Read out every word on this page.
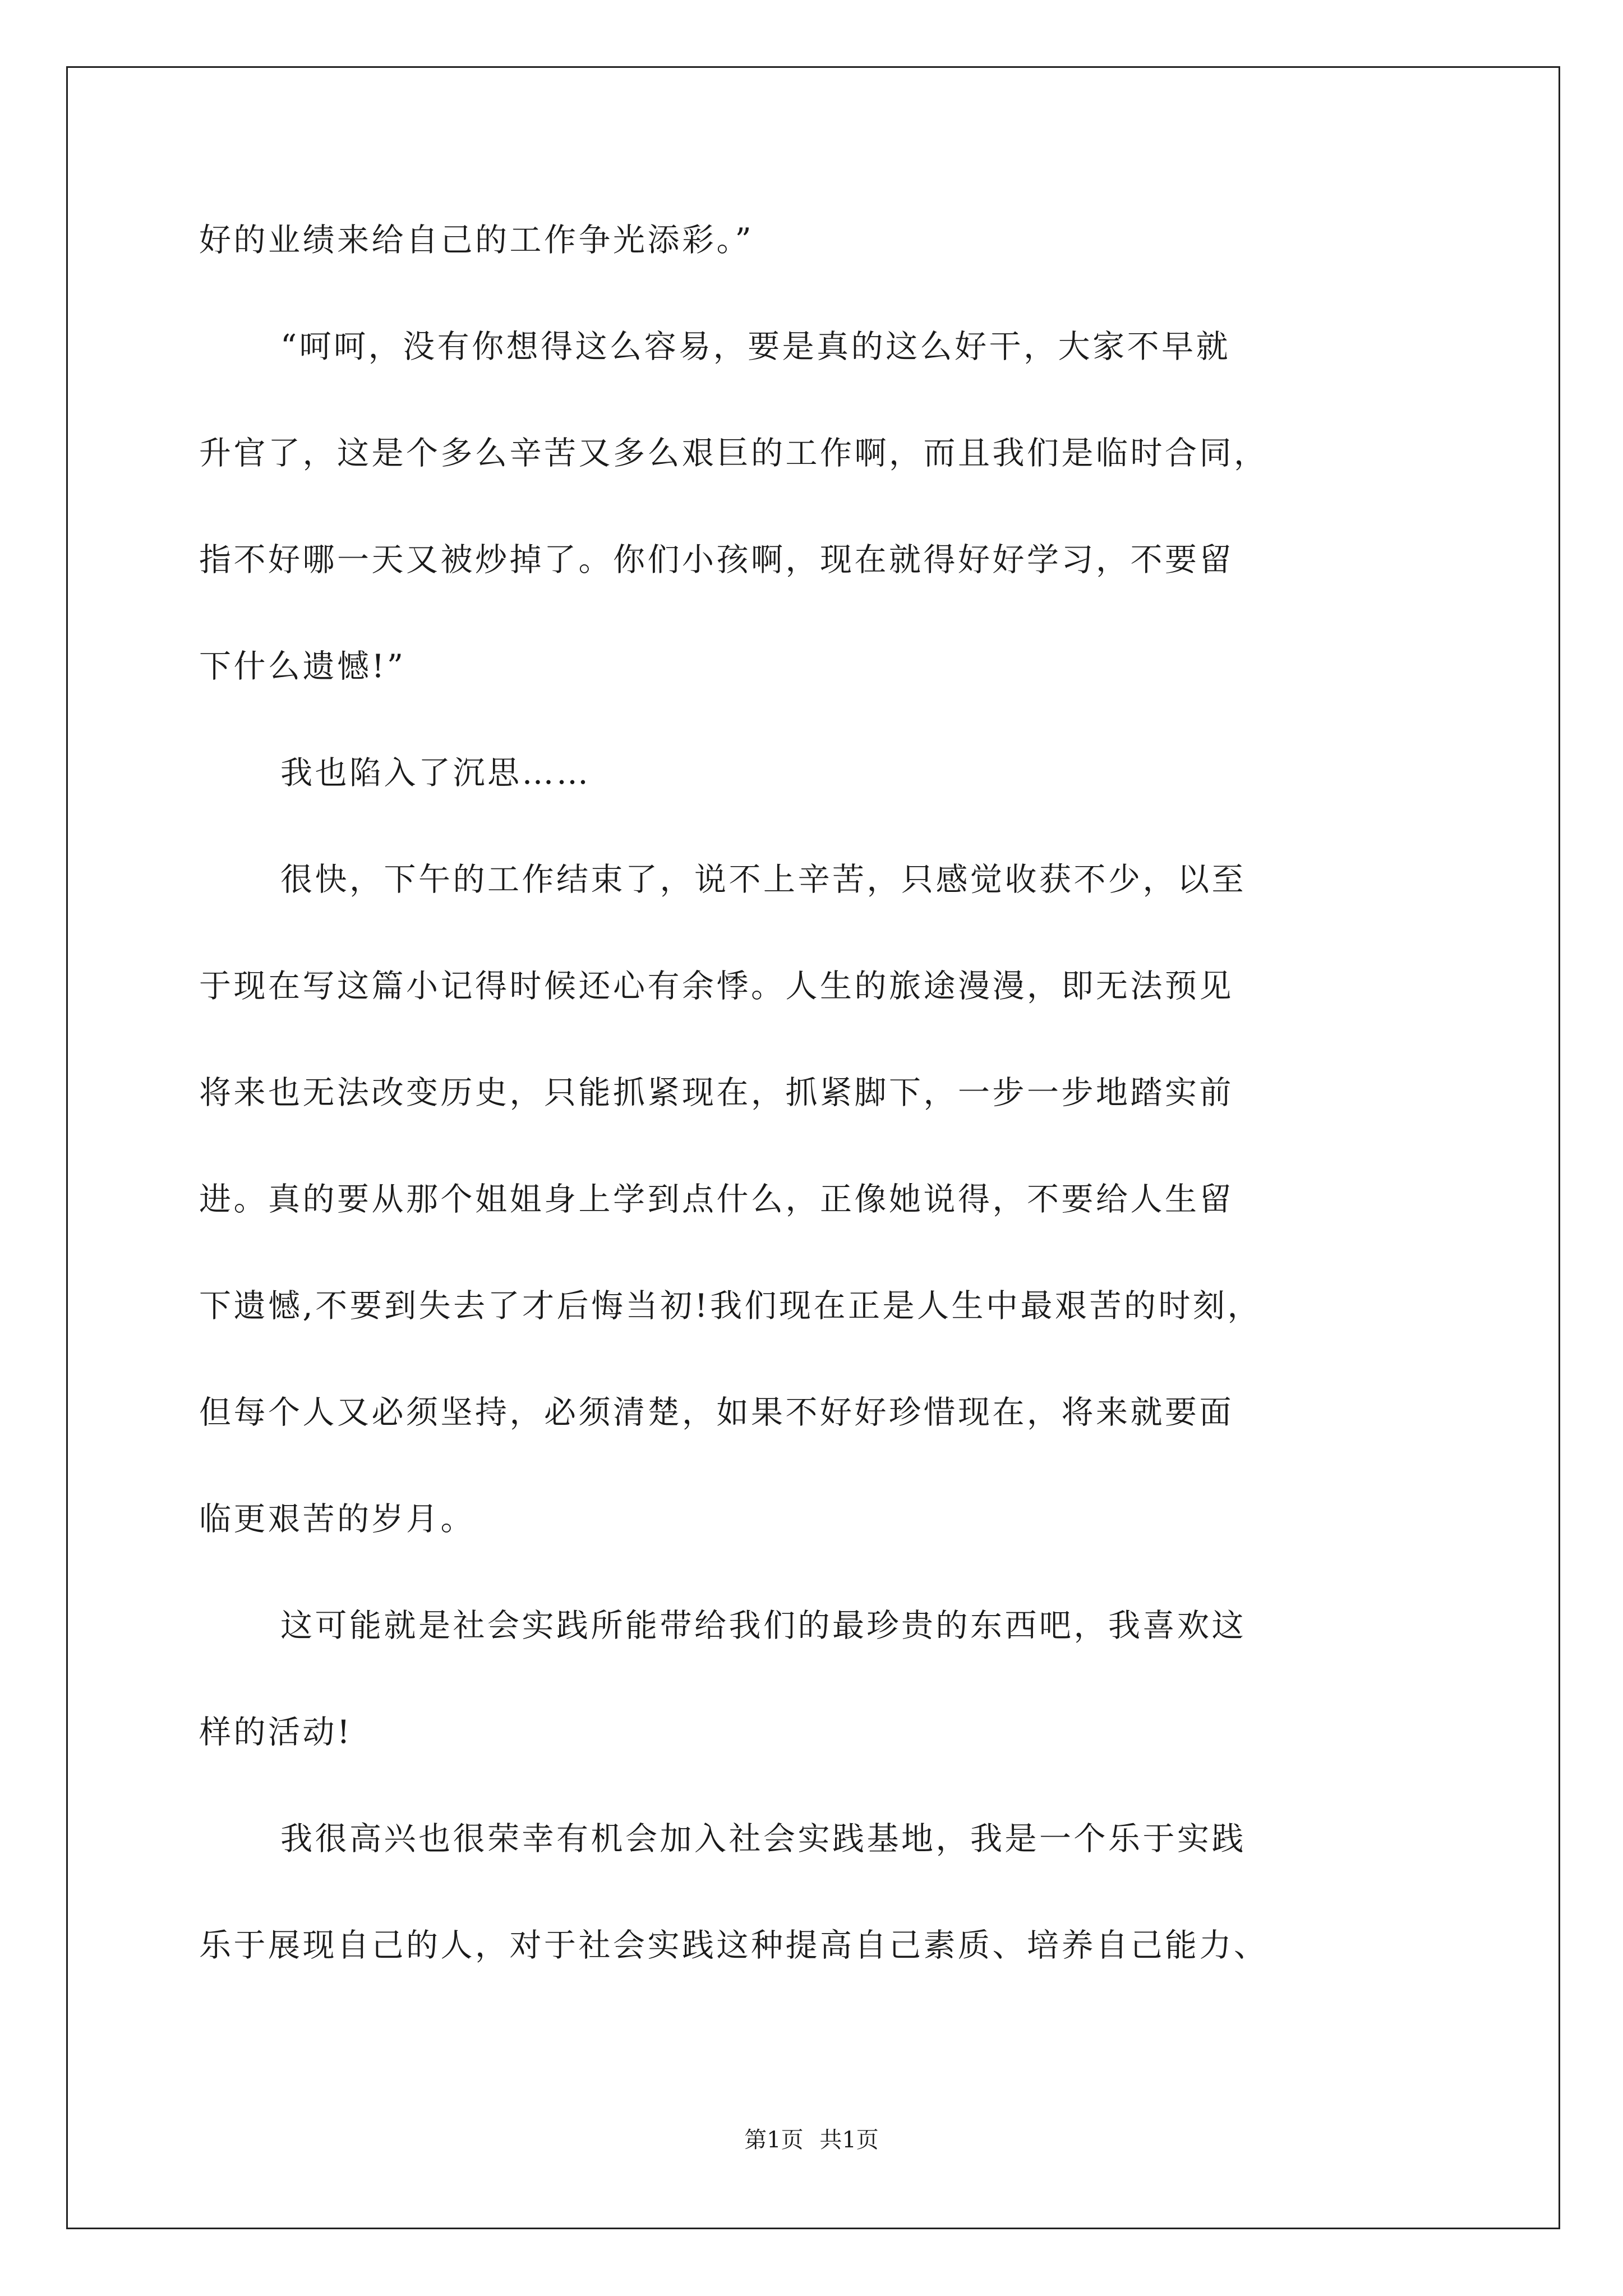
好的业绩来给自己的工作争光添彩。”
“呵呵，没有你想得这么容易，要是真的这么好干，大家不早就
升官了，这是个多么辛苦又多么艰巨的工作啊，而且我们是临时合同，
指不好哪一天又被炒掉了。你们小孩啊，现在就得好好学习，不要留
下什么遗憾!”
我也陷入了沉思……
很快，下午的工作结束了，说不上辛苦，只感觉收获不少，以至
于现在写这篇小记得时候还心有余悸。人生的旅途漫漫，即无法预见
将来也无法改变历史，只能抓紧现在，抓紧脚下，一步一步地踏实前
进。真的要从那个姐姐身上学到点什么，正像她说得，不要给人生留
下遗憾,不要到失去了才后悔当初!我们现在正是人生中最艰苦的时刻，
但每个人又必须坚持，必须清楚，如果不好好珍惜现在，将来就要面
临更艰苦的岁月。
这可能就是社会实践所能带给我们的最珍贵的东西吧，我喜欢这
样的活动!
我很高兴也很荣幸有机会加入社会实践基地，我是一个乐于实践
乐于展现自己的人，对于社会实践这种提高自己素质、培养自己能力、
第1页 共1页
